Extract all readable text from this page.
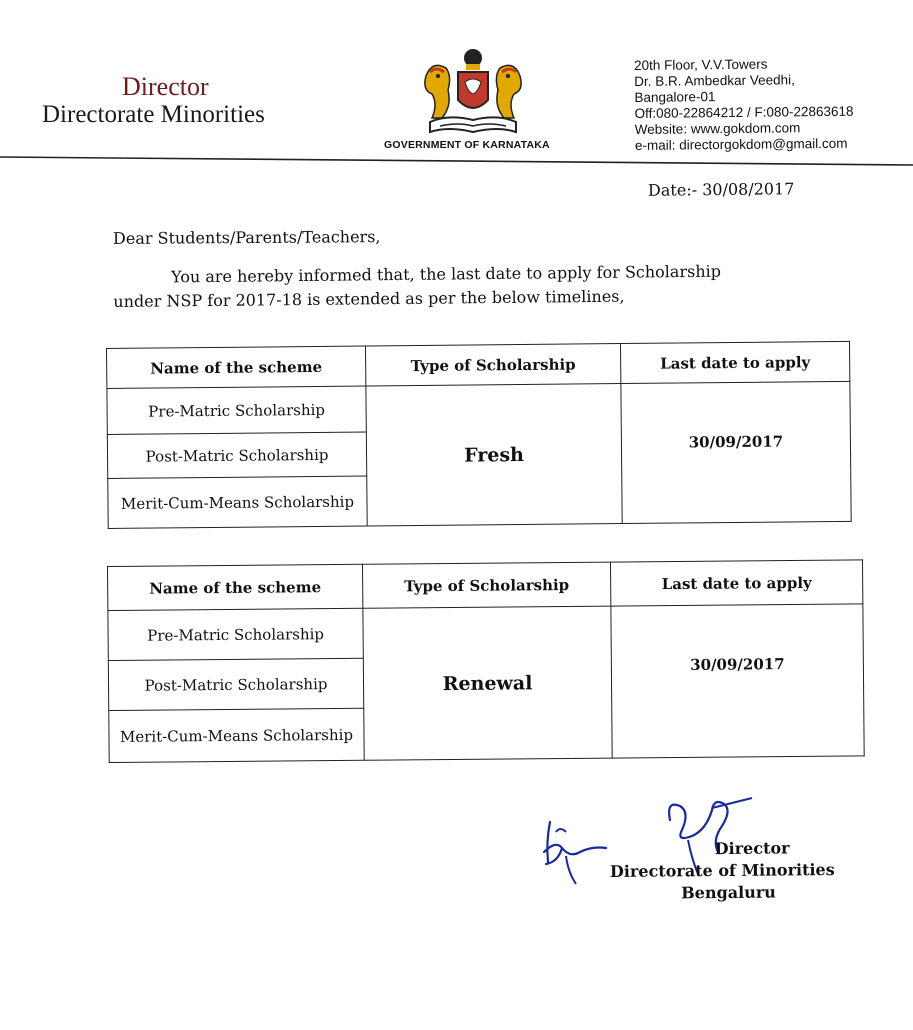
Director
Directorate Minorities
GOVERNMENT OF KARNATAKA
20th Floor, V.V.Towers
Dr. B.R. Ambedkar Veedhi,
Bangalore-01
Off:080-22864212 / F:080-22863618
Website: www.gokdom.com
e-mail: directorgokdom@gmail.com
Date:- 30/08/2017
Dear Students/Parents/Teachers,
You are hereby informed that, the last date to apply for Scholarship
under NSP for 2017-18 is extended as per the below timelines,
Name of the scheme	Type of Scholarship	Last date to apply
Pre-Matric Scholarship	Fresh	30/09/2017
Post-Matric Scholarship		
Merit-Cum-Means Scholarship		
Name of the scheme	Type of Scholarship	Last date to apply
Pre-Matric Scholarship	Renewal	30/09/2017
Post-Matric Scholarship		
Merit-Cum-Means Scholarship		
Director
Directorate of Minorities
Bengaluru
